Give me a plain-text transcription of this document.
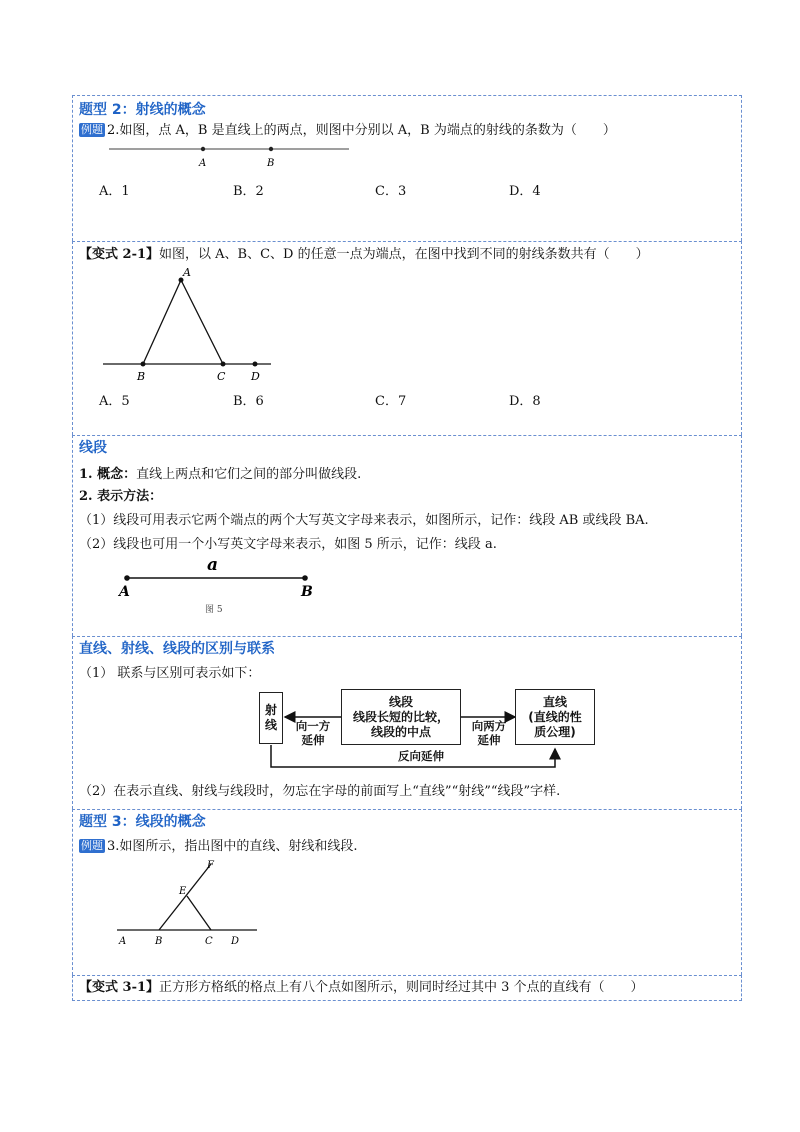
题型 2：射线的概念
例题 2.如图，点 A，B 是直线上的两点，则图中分别以 A，B 为端点的射线的条数为（　　）
A	B
A．1	B．2	C．3	D．4
【变式 2-1】如图，以 A、B、C、D 的任意一点为端点，在图中找到不同的射线条数共有（　　）
A
B	C D
A．5	B．6	C．7	D．8
线段
1. 概念：直线上两点和它们之间的部分叫做线段.
2. 表示方法：
（1）线段可用表示它两个端点的两个大写英文字母来表示，如图所示，记作：线段 AB 或线段 BA.
（2）线段也可用一个小写英文字母来表示，如图 5 所示，记作：线段 a.
a
A	B
图 5
直线、射线、线段的区别与联系
（1） 联系与区别可表示如下：
射
线
线段
线段长短的比较，
线段的中点
直线
(直线的性
质公理)
向一方
延伸
向两方
延伸
反向延伸
（2）在表示直线、射线与线段时，勿忘在字母的前面写上“直线”“射线”“线段”字样.
题型 3：线段的概念
例题 3.如图所示，指出图中的直线、射线和线段.
F
E
A	B	C D
【变式 3-1】正方形方格纸的格点上有八个点如图所示，则同时经过其中 3 个点的直线有（　　）
